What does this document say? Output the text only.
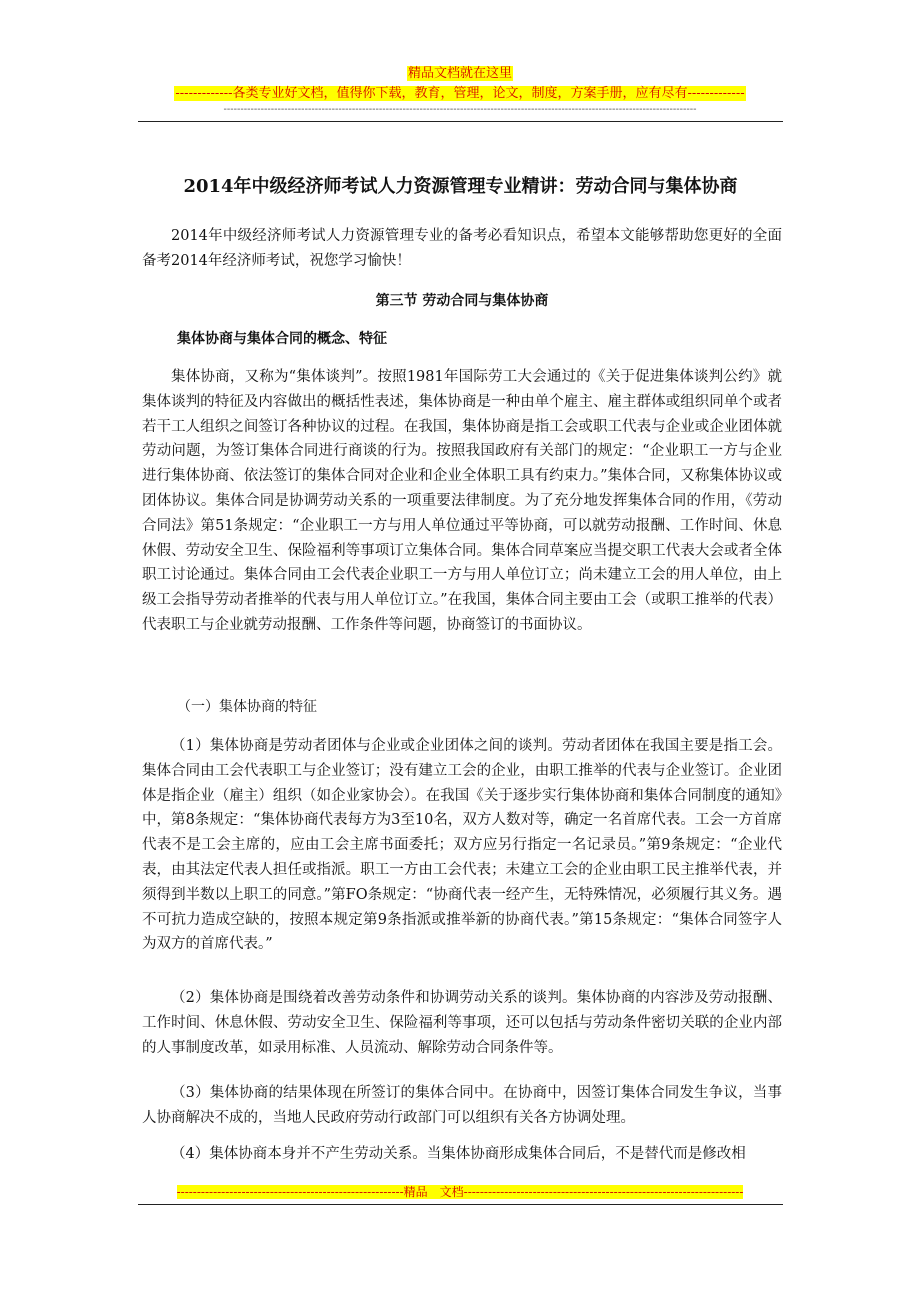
精品文档就在这里
-------------各类专业好文档，值得你下载，教育，管理，论文，制度，方案手册，应有尽有-------------
--------------------------------------------------------------------------------------------------------------------------------------------
2014年中级经济师考试人力资源管理专业精讲：劳动合同与集体协商

2014年中级经济师考试人力资源管理专业的备考必看知识点，希望本文能够帮助您更好的全面备考2014年经济师考试，祝您学习愉快！

第三节 劳动合同与集体协商
集体协商与集体合同的概念、特征

集体协商，又称为“集体谈判”。按照1981年国际劳工大会通过的《关于促进集体谈判公约》就集体谈判的特征及内容做出的概括性表述，集体协商是一种由单个雇主、雇主群体或组织同单个或者若干工人组织之间签订各种协议的过程。在我国，集体协商是指工会或职工代表与企业或企业团体就劳动问题，为签订集体合同进行商谈的行为。按照我国政府有关部门的规定：“企业职工一方与企业进行集体协商、依法签订的集体合同对企业和企业全体职工具有约束力。”集体合同，又称集体协议或团体协议。集体合同是协调劳动关系的一项重要法律制度。为了充分地发挥集体合同的作用，《劳动合同法》第51条规定：“企业职工一方与用人单位通过平等协商，可以就劳动报酬、工作时间、休息休假、劳动安全卫生、保险福利等事项订立集体合同。集体合同草案应当提交职工代表大会或者全体职工讨论通过。集体合同由工会代表企业职工一方与用人单位订立；尚未建立工会的用人单位，由上级工会指导劳动者推举的代表与用人单位订立。”在我国，集体合同主要由工会（或职工推举的代表）代表职工与企业就劳动报酬、工作条件等问题，协商签订的书面协议。

（一）集体协商的特征

（1）集体协商是劳动者团体与企业或企业团体之间的谈判。劳动者团体在我国主要是指工会。集体合同由工会代表职工与企业签订；没有建立工会的企业，由职工推举的代表与企业签订。企业团体是指企业（雇主）组织（如企业家协会）。在我国《关于逐步实行集体协商和集体合同制度的通知》中，第8条规定：“集体协商代表每方为3至10名，双方人数对等，确定一名首席代表。工会一方首席代表不是工会主席的，应由工会主席书面委托；双方应另行指定一名记录员。”第9条规定：“企业代表，由其法定代表人担任或指派。职工一方由工会代表；未建立工会的企业由职工民主推举代表，并须得到半数以上职工的同意。”第FO条规定：“协商代表一经产生，无特殊情况，必须履行其义务。遇不可抗力造成空缺的，按照本规定第9条指派或推举新的协商代表。”第15条规定：“集体合同签字人为双方的首席代表。”

（2）集体协商是围绕着改善劳动条件和协调劳动关系的谈判。集体协商的内容涉及劳动报酬、工作时间、休息休假、劳动安全卫生、保险福利等事项，还可以包括与劳动条件密切关联的企业内部的人事制度改革，如录用标准、人员流动、解除劳动合同条件等。

（3）集体协商的结果体现在所签订的集体合同中。在协商中，因签订集体合同发生争议，当事人协商解决不成的，当地人民政府劳动行政部门可以组织有关各方协调处理。

（4）集体协商本身并不产生劳动关系。当集体协商形成集体合同后，不是替代而是修改相

--------------------------------------------------------精品　文档---------------------------------------------------------------------
